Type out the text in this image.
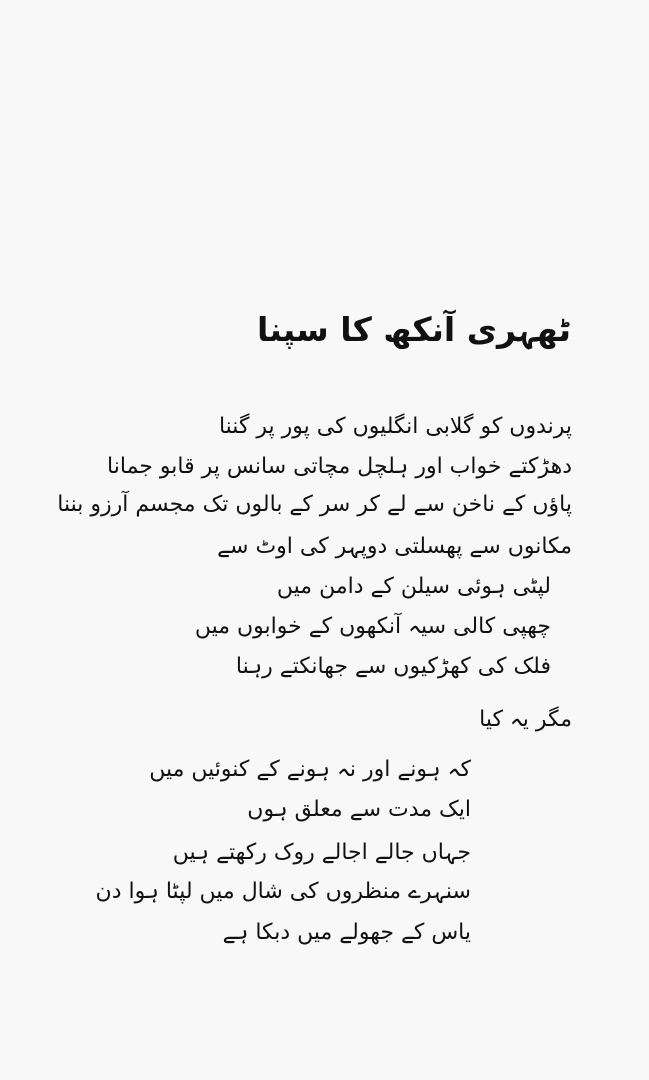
ٹھہری آنکھ کا سپنا
پرندوں کو گلابی انگلیوں کی پور پر گننا
دھڑکتے خواب اور ہلچل مچاتی سانس پر قابو جمانا
پاؤں کے ناخن سے لے کر سر کے بالوں تک مجسم آرزو بننا
مکانوں سے پھسلتی دوپہر کی اوٹ سے
لپٹی ہوئی سیلن کے دامن میں
چھپی کالی سیہ آنکھوں کے خوابوں میں
فلک کی کھڑکیوں سے جھانکتے رہنا
مگر یہ کیا
کہ ہونے اور نہ ہونے کے کنوئیں میں
ایک مدت سے معلق ہوں
جہاں جالے اجالے روک رکھتے ہیں
سنہرے منظروں کی شال میں لپٹا ہوا دن
یاس کے جھولے میں دبکا ہے
